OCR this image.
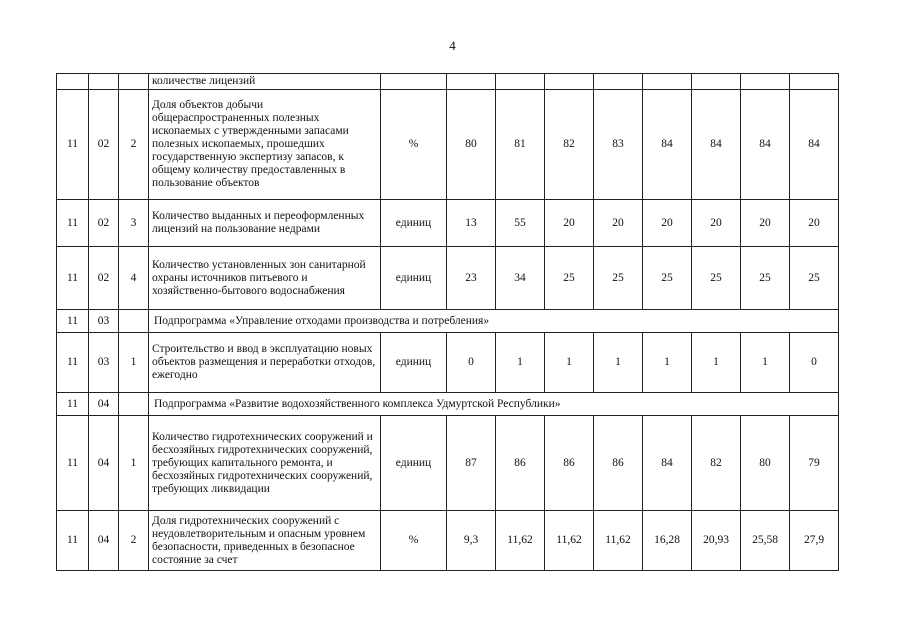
4
			количестве лицензий									
11	02	2	Доля объектов добычи общераспространенных полезных ископаемых с утвержденными запасами полезных ископаемых, прошедших государственную экспертизу запасов, к общему количеству предоставленных в пользование объектов	%	80	81	82	83	84	84	84	84
11	02	3	Количество выданных и переоформленных лицензий на пользование недрами	единиц	13	55	20	20	20	20	20	20
11	02	4	Количество установленных зон санитарной охраны источников питьевого и хозяйственно-бытового водоснабжения	единиц	23	34	25	25	25	25	25	25
11	03		Подпрограмма «Управление отходами производства и потребления»									
11	03	1	Строительство и ввод в эксплуатацию новых объектов размещения и переработки отходов, ежегодно	единиц	0	1	1	1	1	1	1	0
11	04		Подпрограмма «Развитие водохозяйственного комплекса Удмуртской Республики»									
11	04	1	Количество гидротехнических сооружений и бесхозяйных гидротехнических сооружений, требующих капитального ремонта, и бесхозяйных гидротехнических сооружений, требующих ликвидации	единиц	87	86	86	86	84	82	80	79
11	04	2	Доля гидротехнических сооружений с неудовлетворительным и опасным уровнем безопасности, приведенных в безопасное состояние за счет	%	9,3	11,62	11,62	11,62	16,28	20,93	25,58	27,9
